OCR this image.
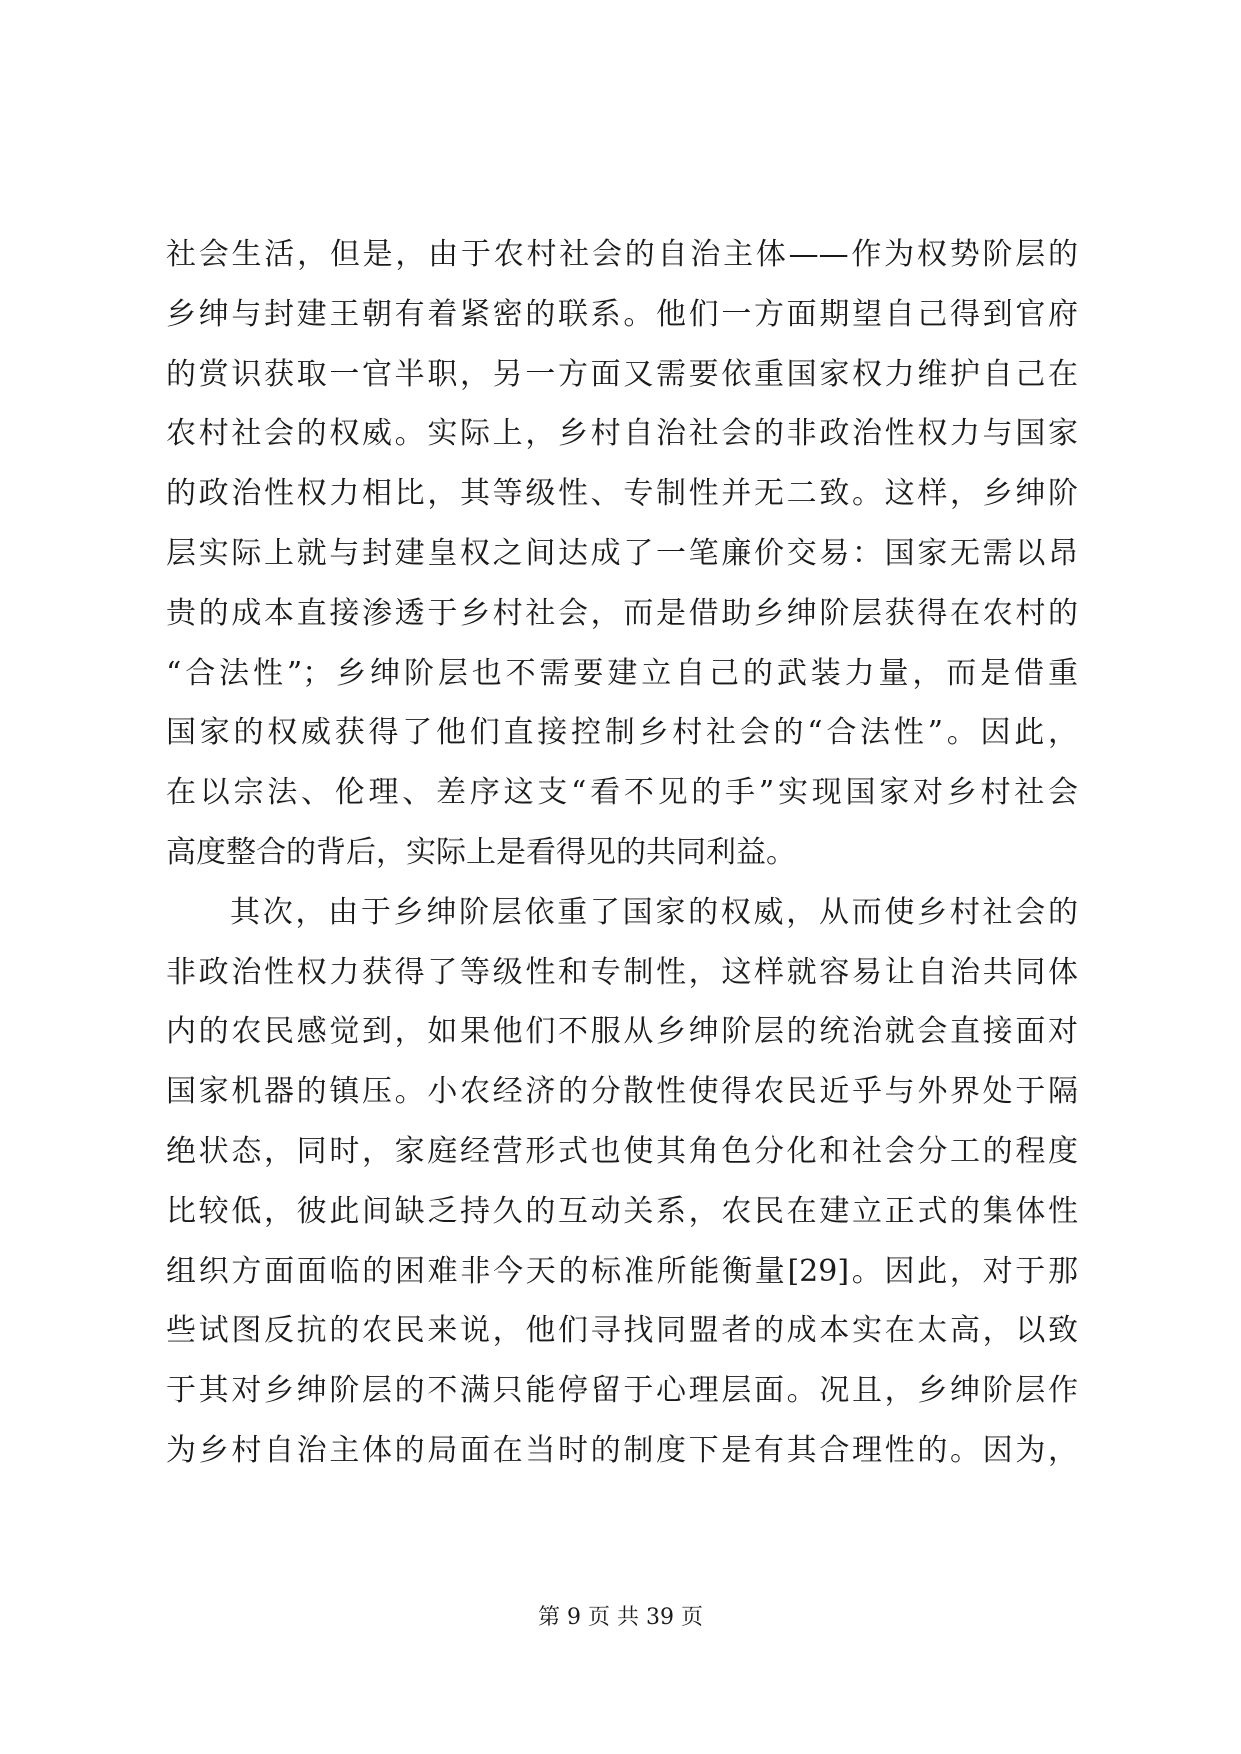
社会生活，但是，由于农村社会的自治主体——作为权势阶层的
乡绅与封建王朝有着紧密的联系。他们一方面期望自己得到官府
的赏识获取一官半职，另一方面又需要依重国家权力维护自己在
农村社会的权威。实际上，乡村自治社会的非政治性权力与国家
的政治性权力相比，其等级性、专制性并无二致。这样，乡绅阶
层实际上就与封建皇权之间达成了一笔廉价交易：国家无需以昂
贵的成本直接渗透于乡村社会，而是借助乡绅阶层获得在农村的
“合法性”；乡绅阶层也不需要建立自己的武装力量，而是借重
国家的权威获得了他们直接控制乡村社会的“合法性”。因此，
在以宗法、伦理、差序这支“看不见的手”实现国家对乡村社会
高度整合的背后，实际上是看得见的共同利益。
其次，由于乡绅阶层依重了国家的权威，从而使乡村社会的
非政治性权力获得了等级性和专制性，这样就容易让自治共同体
内的农民感觉到，如果他们不服从乡绅阶层的统治就会直接面对
国家机器的镇压。小农经济的分散性使得农民近乎与外界处于隔
绝状态，同时，家庭经营形式也使其角色分化和社会分工的程度
比较低，彼此间缺乏持久的互动关系，农民在建立正式的集体性
组织方面面临的困难非今天的标准所能衡量[29]。因此，对于那
些试图反抗的农民来说，他们寻找同盟者的成本实在太高，以致
于其对乡绅阶层的不满只能停留于心理层面。况且，乡绅阶层作
为乡村自治主体的局面在当时的制度下是有其合理性的。因为，
第 9 页 共 39 页
